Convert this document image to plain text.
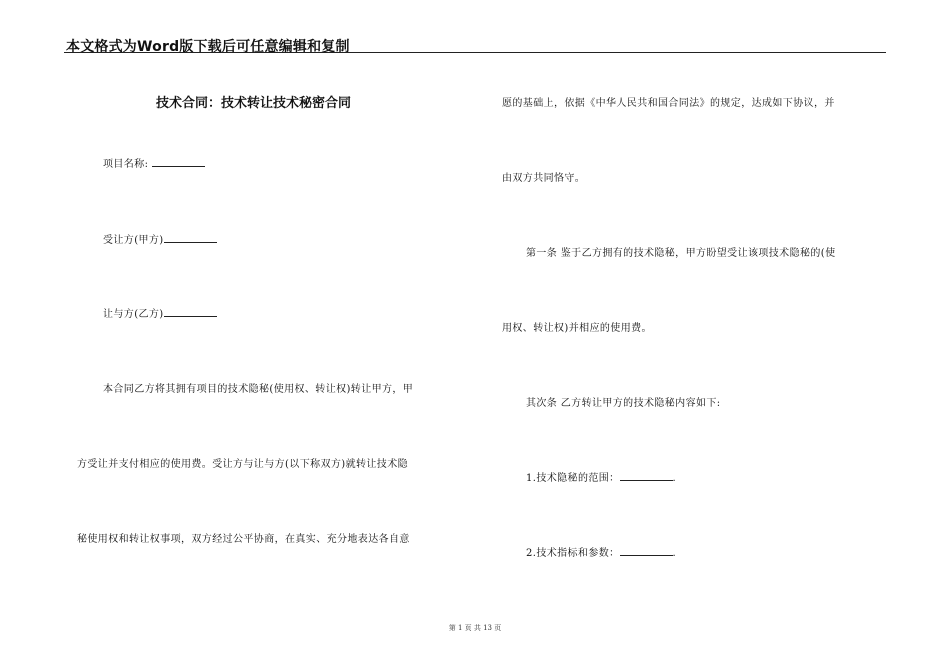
本文格式为Word版下载后可任意编辑和复制
技术合同：技术转让技术秘密合同
项目名称:
受让方(甲方)
让与方(乙方)
本合同乙方将其拥有项目的技术隐秘(使用权、转让权)转让甲方，甲
方受让并支付相应的使用费。受让方与让与方(以下称双方)就转让技术隐
秘使用权和转让权事项，双方经过公平协商，在真实、充分地表达各自意
愿的基础上，依据《中华人民共和国合同法》的规定，达成如下协议，并
由双方共同恪守。
第一条 鉴于乙方拥有的技术隐秘，甲方盼望受让该项技术隐秘的(使
用权、转让权)并相应的使用费。
其次条 乙方转让甲方的技术隐秘内容如下:
1.技术隐秘的范围：	.
2.技术指标和参数：	.
第 1 页 共 13 页
